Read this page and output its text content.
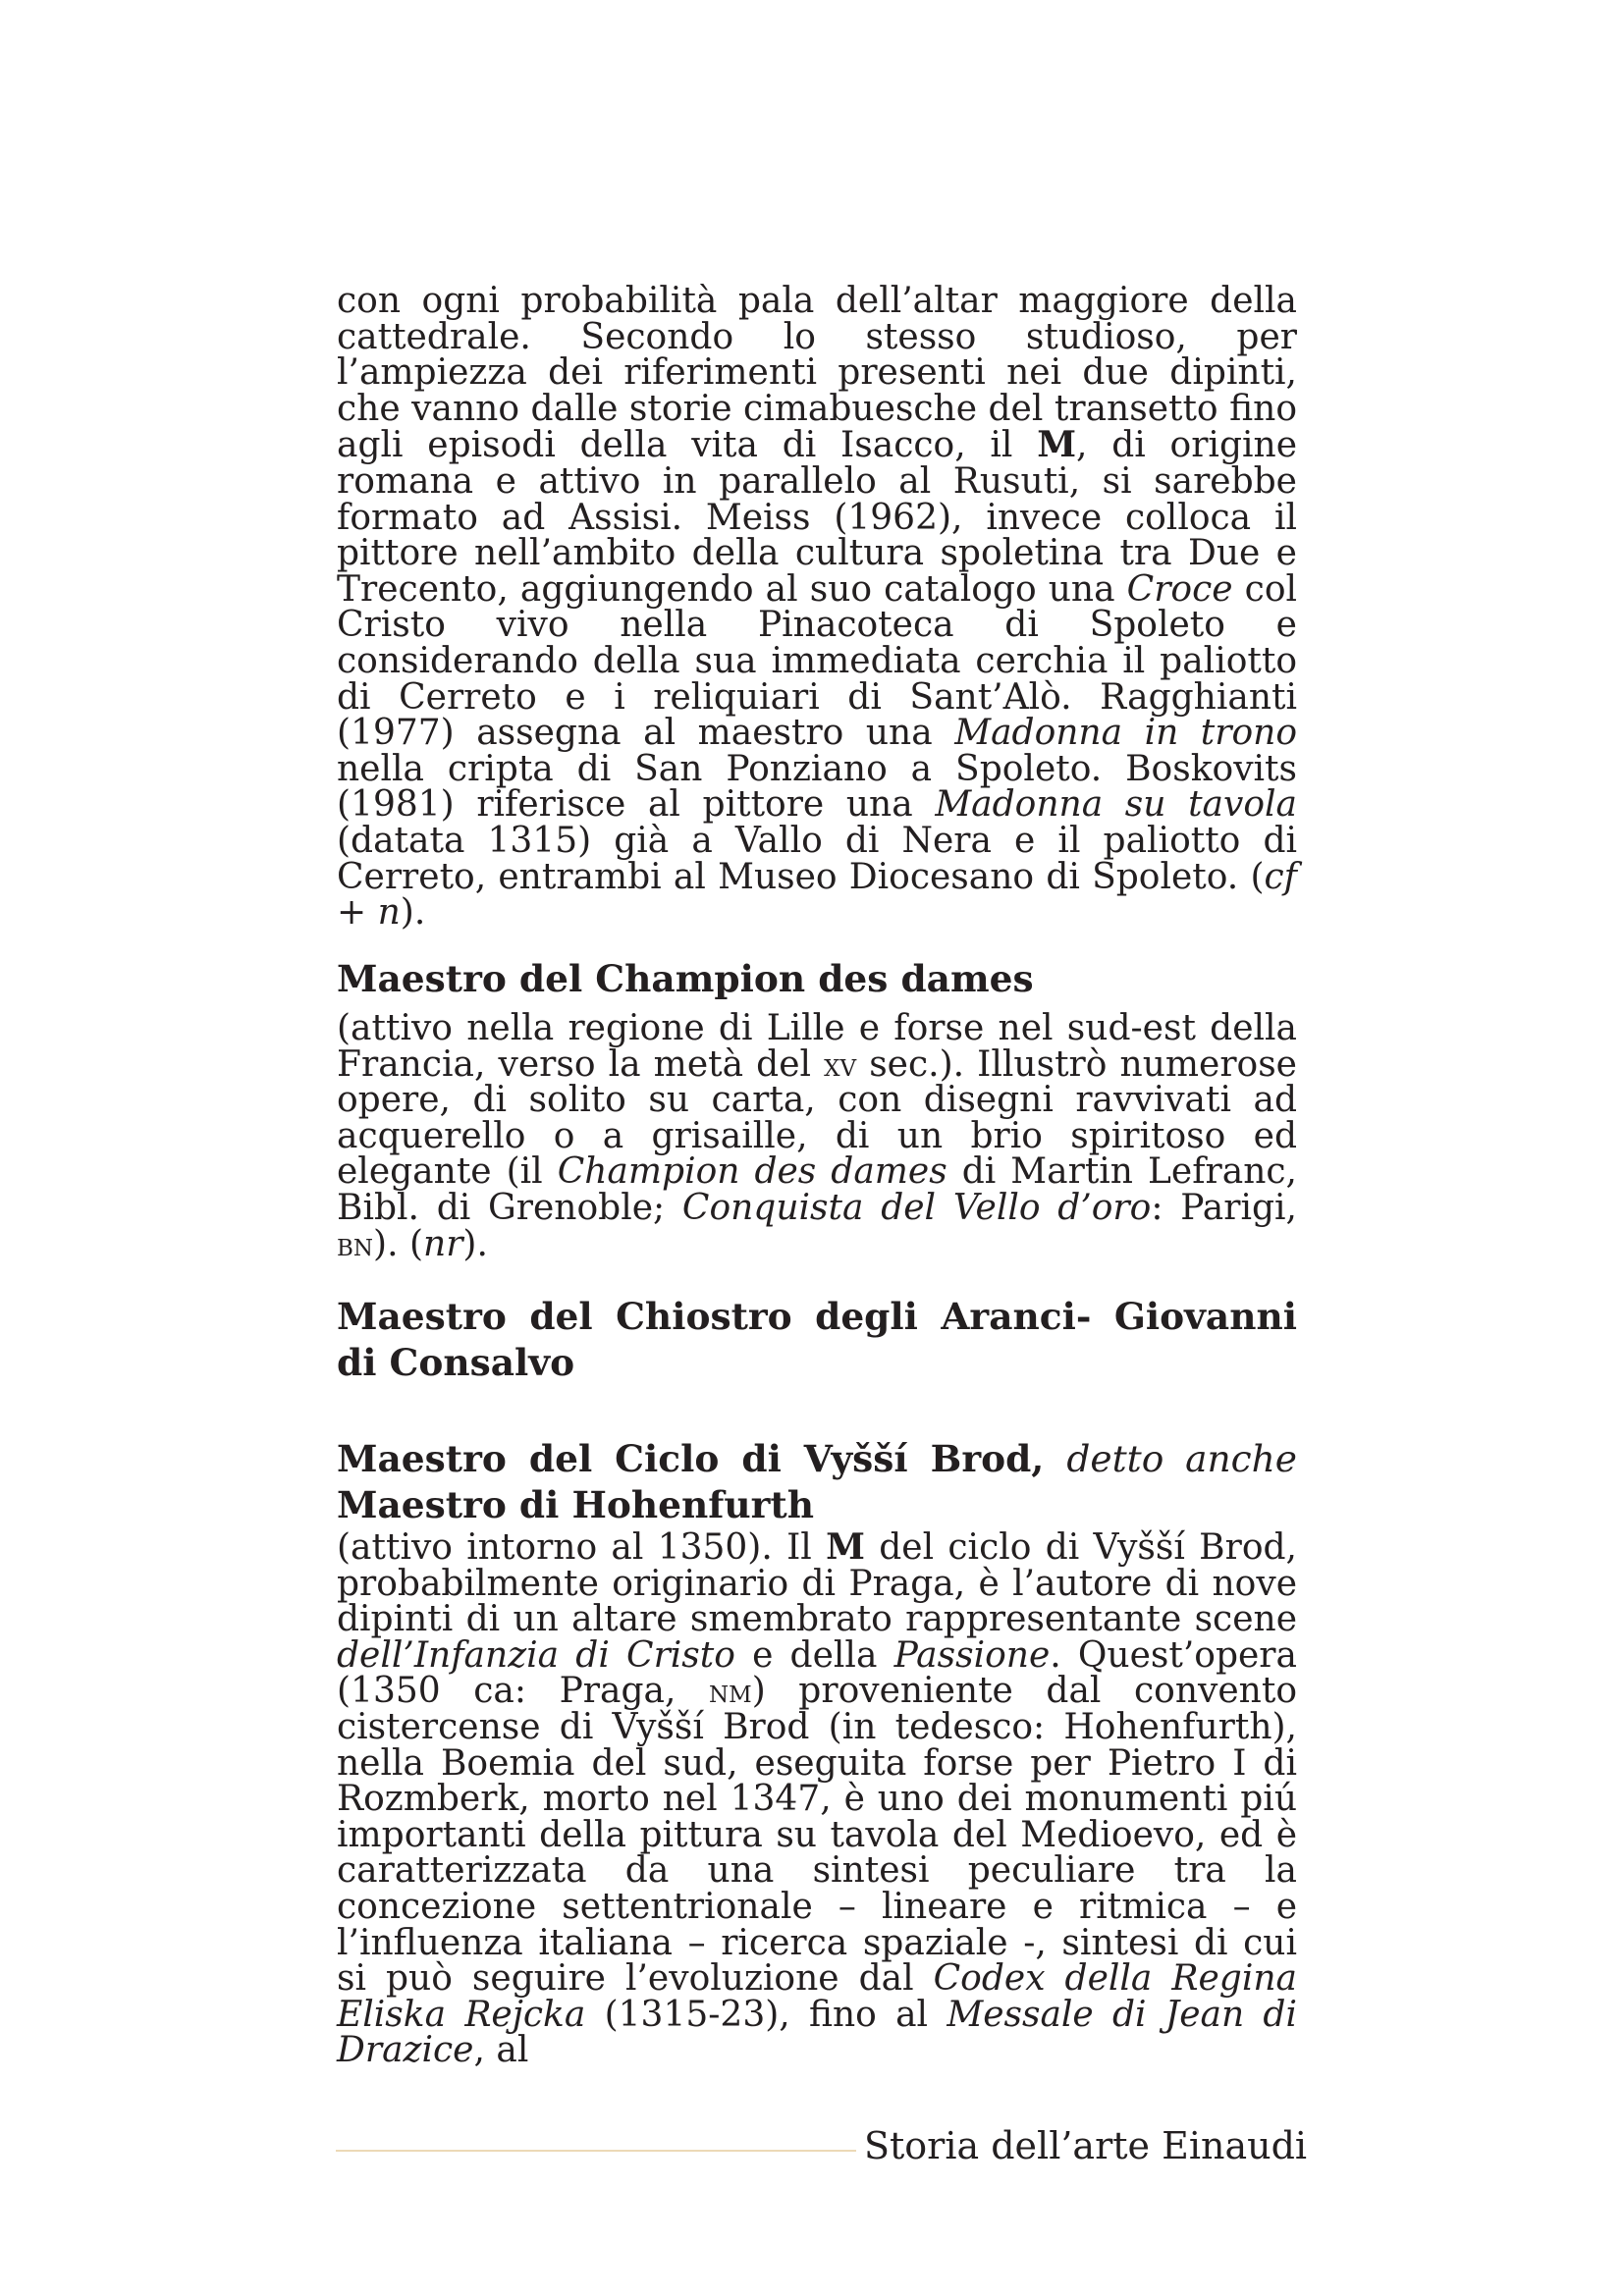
con ogni probabilità pala dell’altar maggiore della cattedrale. Secondo lo stesso studioso, per l’ampiezza dei riferimenti presenti nei due dipinti, che vanno dalle storie cimabuesche del transetto fino agli episodi della vita di Isacco, il M, di origine romana e attivo in parallelo al Rusuti, si sarebbe formato ad Assisi. Meiss (1962), invece colloca il pittore nell’ambito della cultura spoletina tra Due e Trecento, aggiungendo al suo catalogo una Croce col Cristo vivo nella Pinacoteca di Spoleto e considerando della sua immediata cerchia il paliotto di Cerreto e i reliquiari di Sant’Alò. Ragghianti (1977) assegna al maestro una Madonna in trono nella cripta di San Ponziano a Spoleto. Boskovits (1981) riferisce al pittore una Madonna su tavola (datata 1315) già a Vallo di Nera e il paliotto di Cerreto, entrambi al Museo Diocesano di Spoleto. (cf + n).

Maestro del Champion des dames

(attivo nella regione di Lille e forse nel sud-est della Francia, verso la metà del xv sec.). Illustrò numerose opere, di solito su carta, con disegni ravvivati ad acquerello o a grisaille, di un brio spiritoso ed elegante (il Champion des dames di Martin Lefranc, Bibl. di Grenoble; Conquista del Vello d’oro: Parigi, bn). (nr).

Maestro del Chiostro degli Aranci- Giovanni di Consalvo
Maestro del Ciclo di Vyšší Brod, detto anche Maestro di Hohenfurth

(attivo intorno al 1350). Il M del ciclo di Vyšší Brod, probabilmente originario di Praga, è l’autore di nove dipinti di un altare smembrato rappresentante scene dell’Infanzia di Cristo e della Passione. Quest’opera (1350 ca: Praga, nm) proveniente dal convento cistercense di Vyšší Brod (in tedesco: Hohenfurth), nella Boemia del sud, eseguita forse per Pietro I di Rozmberk, morto nel 1347, è uno dei monumenti piú importanti della pittura su tavola del Medioevo, ed è caratterizzata da una sintesi peculiare tra la concezione settentrionale – lineare e ritmica – e l’influenza italiana – ricerca spaziale -, sintesi di cui si può seguire l’evoluzione dal Codex della Regina Eliska Rejcka (1315-23), fino al Messale di Jean di Drazice, al

Storia dell’arte Einaudi
